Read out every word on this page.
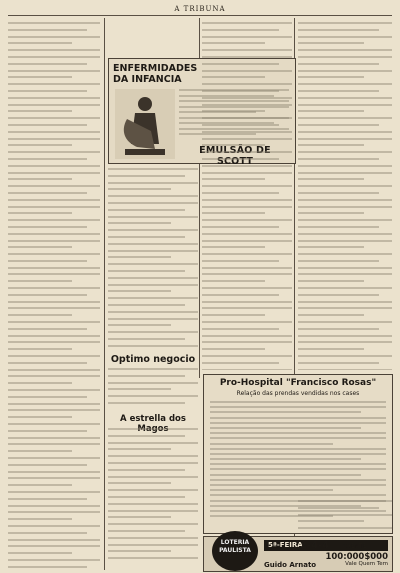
A TRIBUNA
ENFERMIDADES
DA INFANCIA
EMULSÃO DE SCOTT
Optimo negocio
A estrella dos Magos
Pro-Hospital "Francisco Rosas"
Relação das prendas vendidas nos cases
LOTERIA PAULISTA
5ª-FEIRA
100:000$000
Guido Arnato	Vale Quem Tem
2-4-4	AGENTE
